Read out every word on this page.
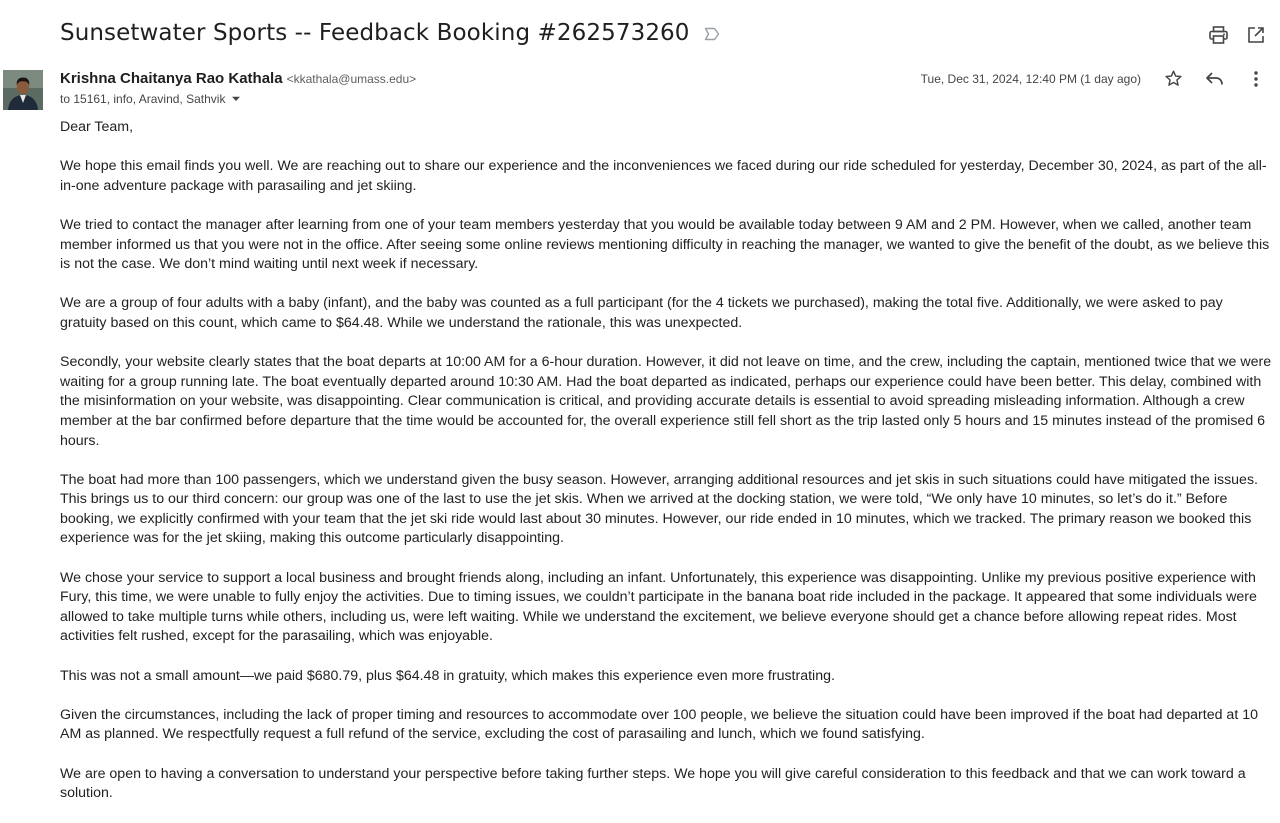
Sunsetwater Sports -- Feedback Booking #262573260
Krishna Chaitanya Rao Kathala <kkathala@umass.edu>
to 15161, info, Aravind, Sathvik
Tue, Dec 31, 2024, 12:40 PM (1 day ago)

Dear Team,

We hope this email finds you well. We are reaching out to share our experience and the inconveniences we faced during our ride scheduled for yesterday, December 30, 2024, as part of the all-in-one adventure package with parasailing and jet skiing.

We tried to contact the manager after learning from one of your team members yesterday that you would be available today between 9 AM and 2 PM. However, when we called, another team member informed us that you were not in the office. After seeing some online reviews mentioning difficulty in reaching the manager, we wanted to give the benefit of the doubt, as we believe this is not the case. We don’t mind waiting until next week if necessary.

We are a group of four adults with a baby (infant), and the baby was counted as a full participant (for the 4 tickets we purchased), making the total five. Additionally, we were asked to pay gratuity based on this count, which came to $64.48. While we understand the rationale, this was unexpected.

Secondly, your website clearly states that the boat departs at 10:00 AM for a 6-hour duration. However, it did not leave on time, and the crew, including the captain, mentioned twice that we were waiting for a group running late. The boat eventually departed around 10:30 AM. Had the boat departed as indicated, perhaps our experience could have been better. This delay, combined with the misinformation on your website, was disappointing. Clear communication is critical, and providing accurate details is essential to avoid spreading misleading information. Although a crew member at the bar confirmed before departure that the time would be accounted for, the overall experience still fell short as the trip lasted only 5 hours and 15 minutes instead of the promised 6 hours.

The boat had more than 100 passengers, which we understand given the busy season. However, arranging additional resources and jet skis in such situations could have mitigated the issues. This brings us to our third concern: our group was one of the last to use the jet skis. When we arrived at the docking station, we were told, “We only have 10 minutes, so let’s do it.” Before booking, we explicitly confirmed with your team that the jet ski ride would last about 30 minutes. However, our ride ended in 10 minutes, which we tracked. The primary reason we booked this experience was for the jet skiing, making this outcome particularly disappointing.

We chose your service to support a local business and brought friends along, including an infant. Unfortunately, this experience was disappointing. Unlike my previous positive experience with Fury, this time, we were unable to fully enjoy the activities. Due to timing issues, we couldn’t participate in the banana boat ride included in the package. It appeared that some individuals were allowed to take multiple turns while others, including us, were left waiting. While we understand the excitement, we believe everyone should get a chance before allowing repeat rides. Most activities felt rushed, except for the parasailing, which was enjoyable.

This was not a small amount—we paid $680.79, plus $64.48 in gratuity, which makes this experience even more frustrating.

Given the circumstances, including the lack of proper timing and resources to accommodate over 100 people, we believe the situation could have been improved if the boat had departed at 10 AM as planned. We respectfully request a full refund of the service, excluding the cost of parasailing and lunch, which we found satisfying.

We are open to having a conversation to understand your perspective before taking further steps. We hope you will give careful consideration to this feedback and that we can work toward a solution.
